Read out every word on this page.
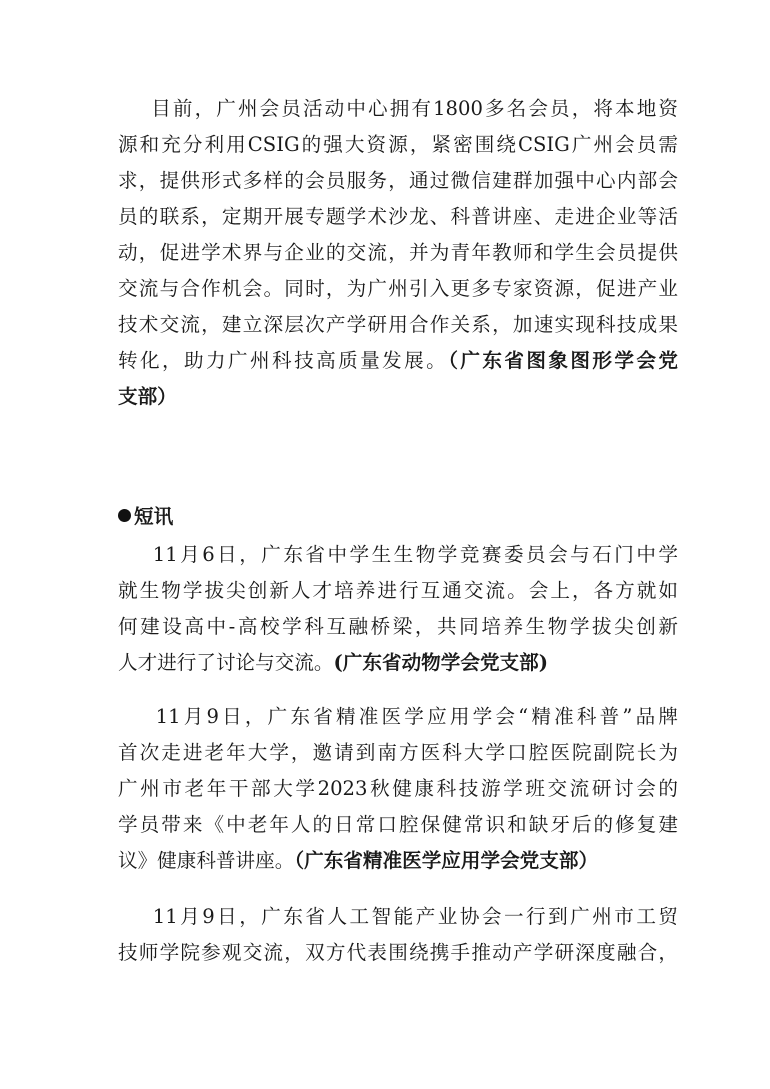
目前，广州会员活动中心拥有1800多名会员，将本地资
源和充分利用CSIG的强大资源，紧密围绕CSIG广州会员需
求，提供形式多样的会员服务，通过微信建群加强中心内部会
员的联系，定期开展专题学术沙龙、科普讲座、走进企业等活
动，促进学术界与企业的交流，并为青年教师和学生会员提供
交流与合作机会。同时，为广州引入更多专家资源，促进产业
技术交流，建立深层次产学研用合作关系，加速实现科技成果
转化，助力广州科技高质量发展。（广东省图象图形学会党
支部）
短讯
11月6日，广东省中学生生物学竞赛委员会与石门中学
就生物学拔尖创新人才培养进行互通交流。会上，各方就如
何建设高中-高校学科互融桥梁，共同培养生物学拔尖创新
人才进行了讨论与交流。(广东省动物学会党支部)
11月9日，广东省精准医学应用学会“精准科普”品牌
首次走进老年大学，邀请到南方医科大学口腔医院副院长为
广州市老年干部大学2023秋健康科技游学班交流研讨会的
学员带来《中老年人的日常口腔保健常识和缺牙后的修复建
议》健康科普讲座。（广东省精准医学应用学会党支部）
11月9日，广东省人工智能产业协会一行到广州市工贸
技师学院参观交流，双方代表围绕携手推动产学研深度融合，
